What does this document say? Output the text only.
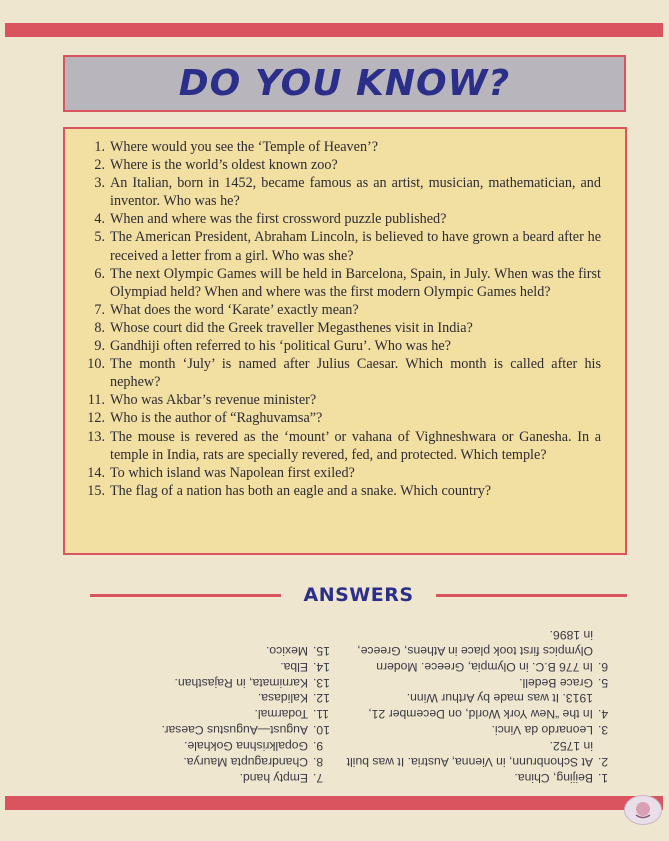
DO YOU KNOW?
1. Where would you see the ‘Temple of Heaven’?
2. Where is the world’s oldest known zoo?
3. An Italian, born in 1452, became famous as an artist, musician, mathematician, and inventor. Who was he?
4. When and where was the first crossword puzzle published?
5. The American President, Abraham Lincoln, is believed to have grown a beard after he received a letter from a girl. Who was she?
6. The next Olympic Games will be held in Barcelona, Spain, in July. When was the first Olympiad held? When and where was the first modern Olympic Games held?
7. What does the word ‘Karate’ exactly mean?
8. Whose court did the Greek traveller Megasthenes visit in India?
9. Gandhiji often referred to his ‘political Guru’. Who was he?
10. The month ‘July’ is named after Julius Caesar. Which month is called after his nephew?
11. Who was Akbar’s revenue minister?
12. Who is the author of “Raghuvamsa”?
13. The mouse is revered as the ‘mount’ or vahana of Vighneshwara or Ganesha. In a temple in India, rats are specially revered, fed, and protected. Which temple?
14. To which island was Napolean first exiled?
15. The flag of a nation has both an eagle and a snake. Which country?
ANSWERS
1.
Beijing, China.
2.
At Schonbrunn, in Vienna, Austria. It was built in 1752.
3.
Leonardo da Vinci.
4.
In the “New York World, on December 21, 1913. It was made by Arthur Winn.
5.
Grace Bedell.
6.
In 776 B.C. in Olympia, Greece. Modern Olympics first took place in Athens, Greece, in 1896.
7.
Empty hand.
8.
Chandragupta Maurya.
9.
Gopalkrishna Gokhale.
10.
August—Augustus Caesar.
11.
Todarmal.
12.
Kalidasa.
13.
Karnimata, in Rajasthan.
14.
Elba.
15.
Mexico.
